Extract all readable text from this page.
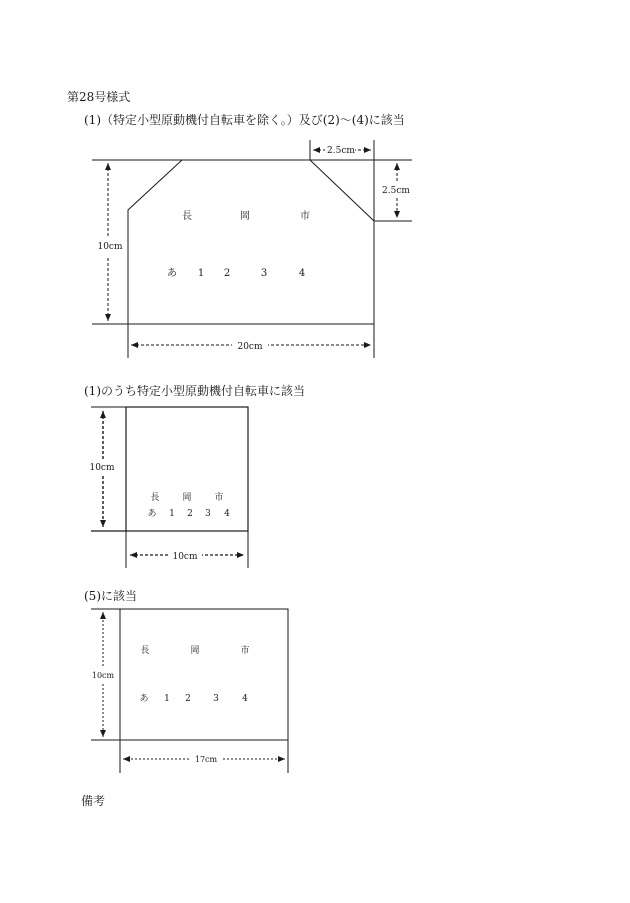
第28号様式
(1)（特定小型原動機付自転車を除く。）及び(2)～(4)に該当
(1)のうち特定小型原動機付自転車に該当
(5)に該当
備考
10cm
20cm
2.5cm
2.5cm
長	岡	市
あ 1 2	3	4
10cm
10cm
長	岡	市
あ 1 2 3 4
10cm
17cm
長	岡	市
あ 1 2 3	4
